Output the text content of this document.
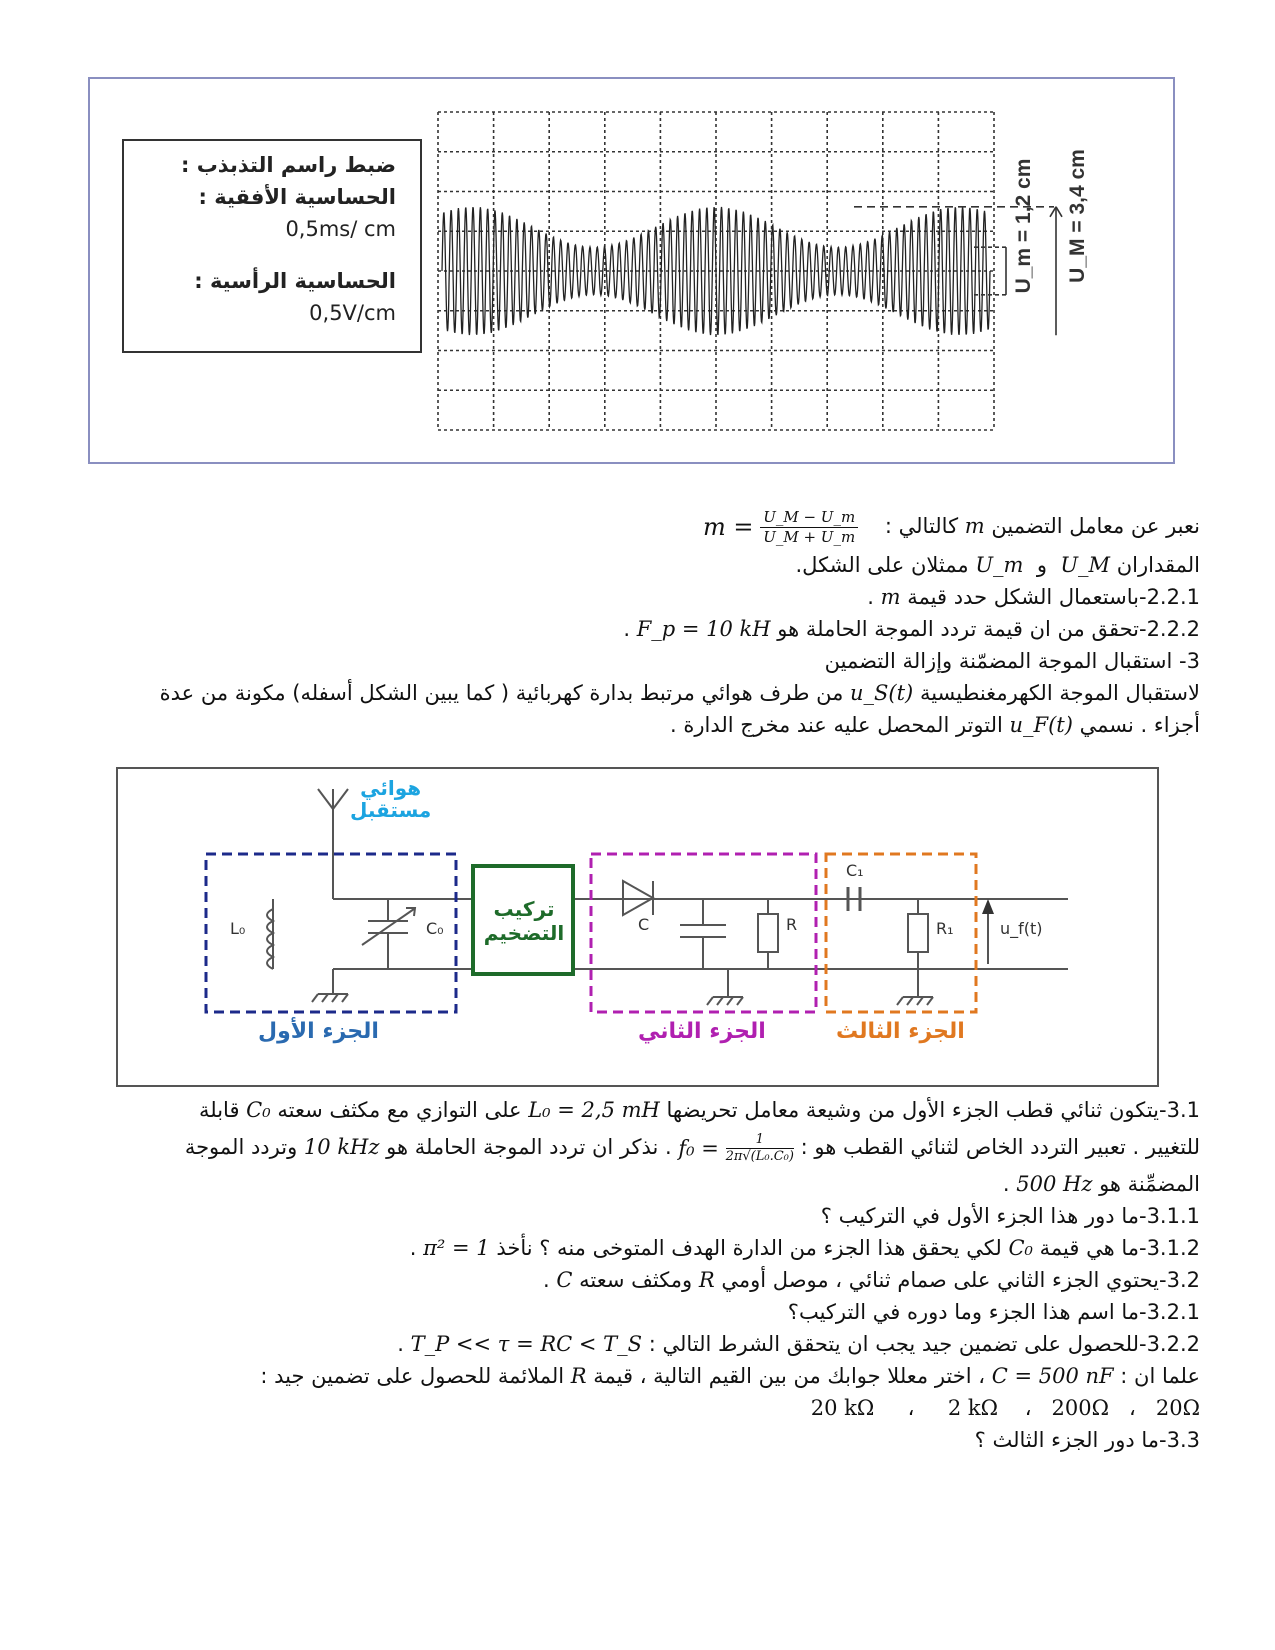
ضبط راسم التذبذب :
الحساسية الأفقية :
0,5ms/ cm
الحساسية الرأسية :
0,5V/cm
U_m = 1,2 cm U_M = 3,4 cm
نعبر عن معامل التضمين m كالتالي :    $m = \frac{U\_M - U\_m}{U\_M + U\_m}$
المقداران U_M  و  U_m ممثلان على الشكل.
2.2.1-باستعمال الشكل حدد قيمة m .
2.2.2-تحقق من ان قيمة تردد الموجة الحاملة هو F_p = 10 kH .
3- استقبال الموجة المضمّنة وإزالة التضمين
لاستقبال الموجة الكهرمغنطيسية u_S(t) من طرف هوائي مرتبط بدارة كهربائية ( كما يبين الشكل أسفله) مكونة من عدة
أجزاء . نسمي u_F(t) التوتر المحصل عليه عند مخرج الدارة .
هوائي
مستقبل
تركيب
التضخيم
الجزء الأول	الجزء الثاني	الجزء الثالث
L₀	C₀	C	R
C₁
R₁	u_f(t)
3.1-يتكون ثنائي قطب الجزء الأول من وشيعة معامل تحريضها L₀ = 2,5 mH على التوازي مع مكثف سعته C₀ قابلة
للتغيير . تعبير التردد الخاص لثنائي القطب هو : $f_0 = \frac{1}{\text{2π√(L₀.C₀)}}$
. نذكر ان تردد الموجة الحاملة هو 10 kHz وتردد الموجة
المضمِّنة هو 500 Hz .
3.1.1-ما دور هذا الجزء الأول في التركيب ؟
3.1.2-ما هي قيمة C₀ لكي يحقق هذا الجزء من الدارة الهدف المتوخى منه ؟ نأخذ π² = 1 .
3.2-يحتوي الجزء الثاني على صمام ثنائي ، موصل أومي R ومكثف سعته C .
3.2.1-ما اسم هذا الجزء وما دوره في التركيب؟
3.2.2-للحصول على تضمين جيد يجب ان يتحقق الشرط التالي : T_P << τ = RC < T_S .
علما ان : C = 500 nF ، اختر معللا جوابك من بين القيم التالية ، قيمة R الملائمة للحصول على تضمين جيد :
20Ω   ،   200Ω   ،    2 kΩ     ،     20 kΩ
3.3-ما دور الجزء الثالث ؟
